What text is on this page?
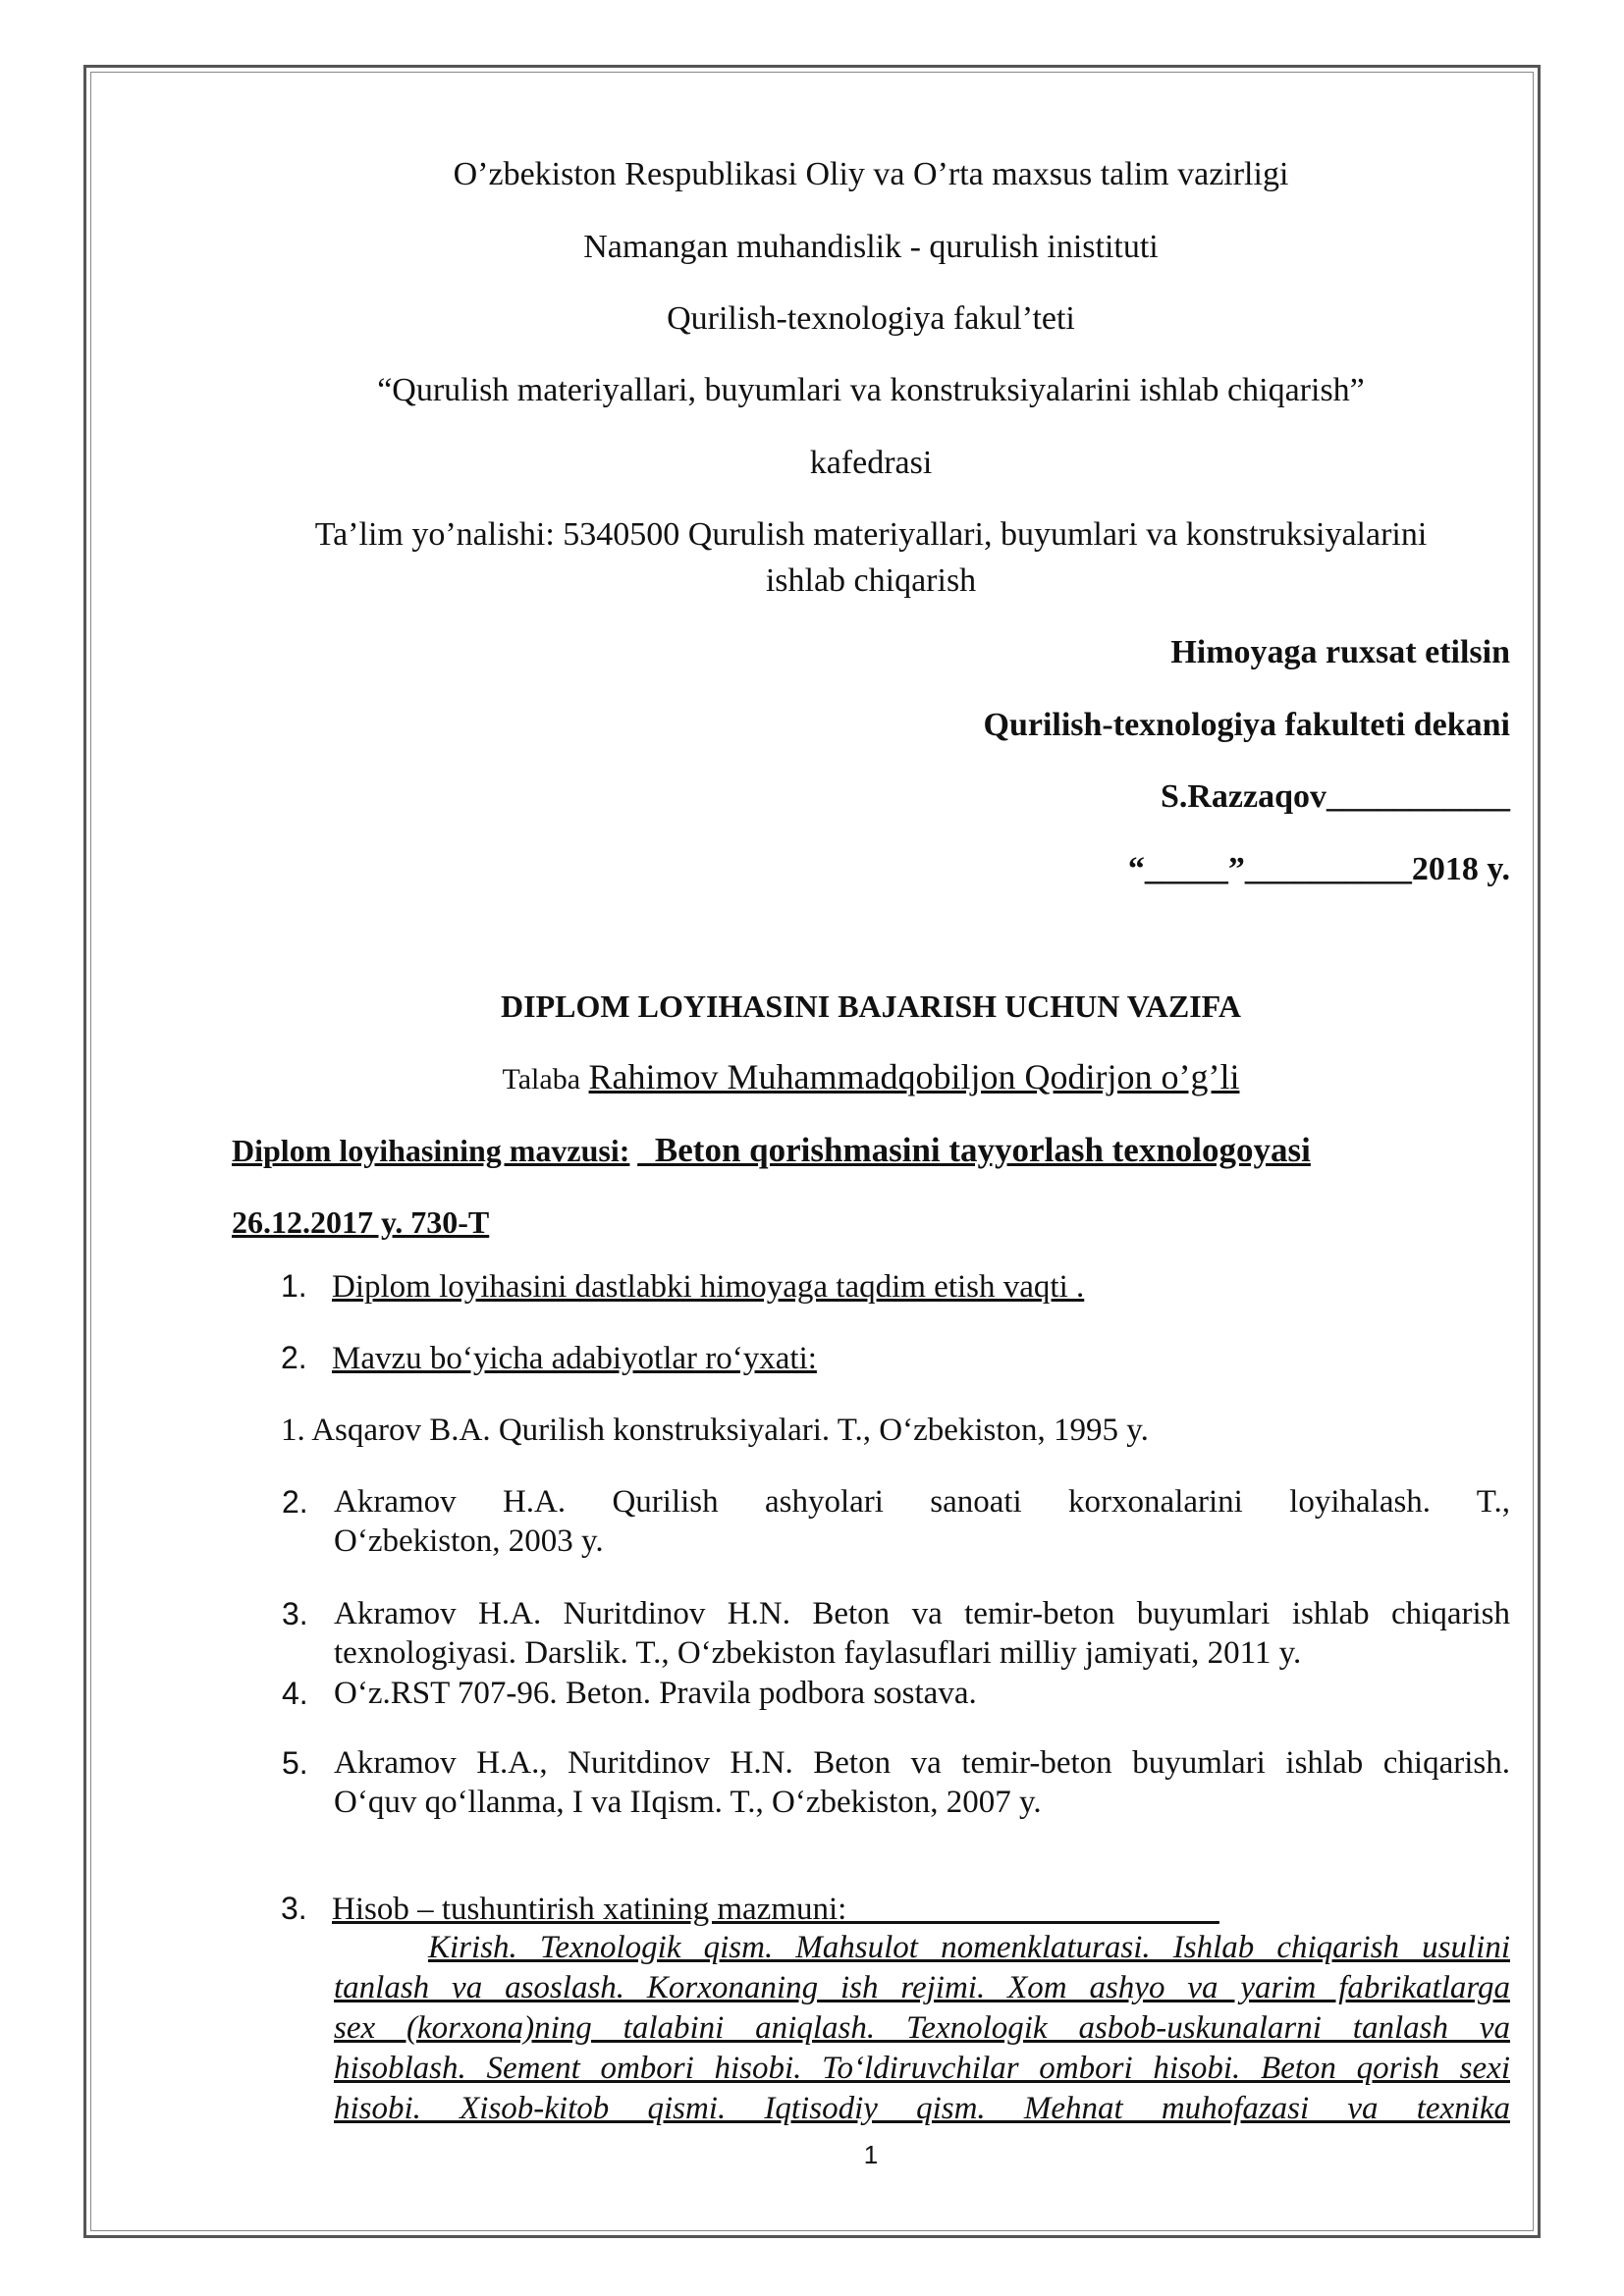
O’zbekiston Respublikasi Oliy va O’rta maxsus talim vazirligi
Namangan muhandislik - qurulish inistituti
Qurilish-texnologiya fakul’teti
“Qurulish materiyallari, buyumlari va konstruksiyalarini ishlab chiqarish”
kafedrasi
Ta’lim yo’nalishi: 5340500 Qurulish materiyallari, buyumlari va konstruksiyalarini
ishlab chiqarish
Himoyaga ruxsat etilsin
Qurilish-texnologiya fakulteti dekani
S.Razzaqov___________
“_____”__________2018 y.
DIPLOM LOYIHASINI BAJARISH UCHUN VAZIFA
Talaba Rahimov Muhammadqobiljon Qodirjon o’g’li
Diplom loyihasining mavzusi: _Beton qorishmasini tayyorlash texnologoyasi
26.12.2017 y. 730-T
1. Diplom loyihasini dastlabki himoyaga taqdim etish vaqti .
2. Mavzu bo‘yicha adabiyotlar ro‘yxati:
1. Asqarov B.A. Qurilish konstruksiyalari. T., O‘zbekiston, 1995 y.
2. Akramov H.A. Qurilish ashyolari sanoati korxonalarini loyihalash. T.,
O‘zbekiston, 2003 y.
3. Akramov H.A. Nuritdinov H.N. Beton va temir-beton buyumlari ishlab chiqarish
texnologiyasi. Darslik. T., O‘zbekiston faylasuflari milliy jamiyati, 2011 y.
4. O‘z.RST 707-96. Beton. Pravila podbora sostava.
5. Akramov H.A., Nuritdinov H.N. Beton va temir-beton buyumlari ishlab chiqarish.
O‘quv qo‘llanma, I va IIqism. T., O‘zbekiston, 2007 y.
3. Hisob – tushuntirish xatining mazmuni:_______________________
Kirish. Texnologik qism. Mahsulot nomenklaturasi. Ishlab chiqarish usulini
tanlash va asoslash. Korxonaning ish rejimi. Xom ashyo va yarim fabrikatlarga
sex (korxona)ning talabini aniqlash. Texnologik asbob-uskunalarni tanlash va
hisoblash. Sement ombori hisobi. To‘ldiruvchilar ombori hisobi. Beton qorish sexi
hisobi. Xisob-kitob qismi. Iqtisodiy qism. Mehnat muhofazasi va texnika
1
